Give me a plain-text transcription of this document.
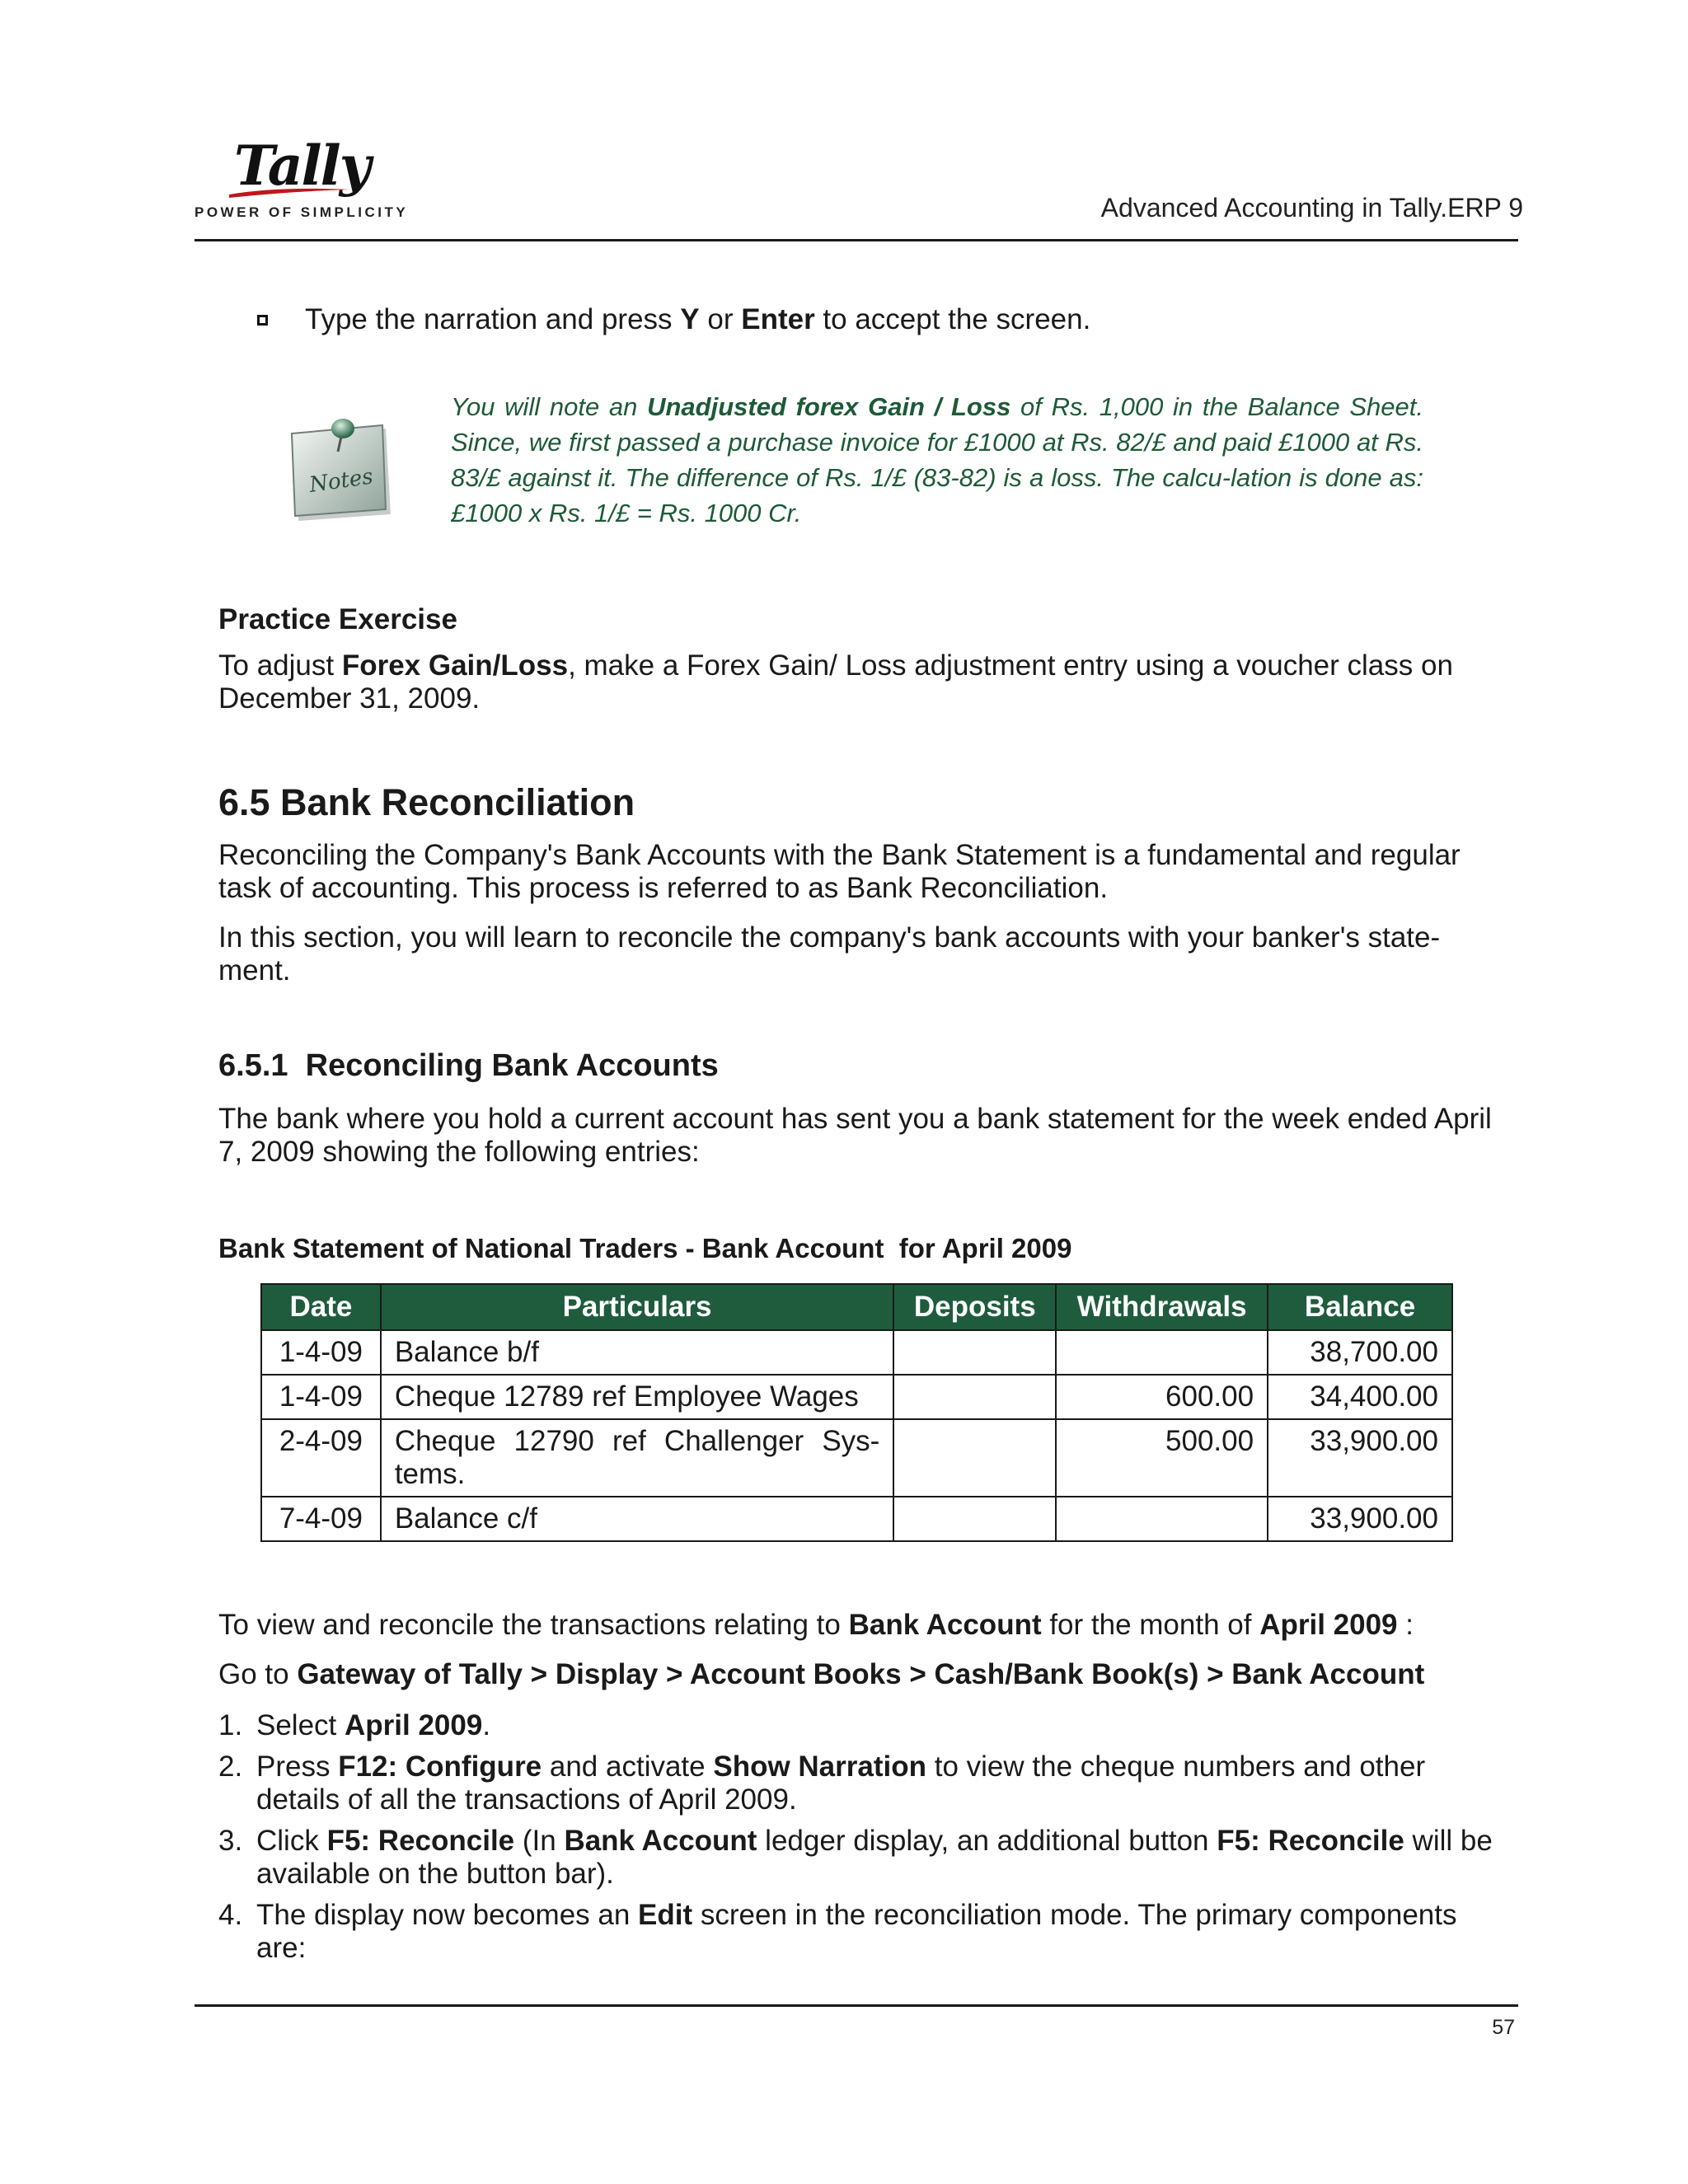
Tally
POWER OF SIMPLICITY	Advanced Accounting in Tally.ERP 9
Type the narration and press Y or Enter to accept the screen.
Notes
You will note an Unadjusted forex Gain / Loss of Rs. 1,000 in the Balance Sheet. Since, we first passed a purchase invoice for £1000 at Rs. 82/£ and paid £1000 at Rs. 83/£ against it. The difference of Rs. 1/£ (83-82) is a loss. The calcu-lation is done as: £1000 x Rs. 1/£ = Rs. 1000 Cr.
Practice Exercise
To adjust Forex Gain/Loss, make a Forex Gain/ Loss adjustment entry using a voucher class on December 31, 2009.
6.5 Bank Reconciliation
Reconciling the Company's Bank Accounts with the Bank Statement is a fundamental and regular task of accounting. This process is referred to as Bank Reconciliation.
In this section, you will learn to reconcile the company's bank accounts with your banker's state-ment.
6.5.1  Reconciling Bank Accounts
The bank where you hold a current account has sent you a bank statement for the week ended April 7, 2009 showing the following entries:
Bank Statement of National Traders - Bank Account  for April 2009
Date	Particulars	Deposits	Withdrawals	Balance
1-4-09	Balance b/f			38,700.00
1-4-09	Cheque 12789 ref Employee Wages		600.00	34,400.00
2-4-09	Cheque 12790 ref Challenger Sys-tems.		500.00	33,900.00
7-4-09	Balance c/f			33,900.00
To view and reconcile the transactions relating to Bank Account for the month of April 2009 :
Go to Gateway of Tally > Display > Account Books > Cash/Bank Book(s) > Bank Account
1. Select April 2009.
2. Press F12: Configure and activate Show Narration to view the cheque numbers and other details of all the transactions of April 2009.
3. Click F5: Reconcile (In Bank Account ledger display, an additional button F5: Reconcile will be available on the button bar).
4. The display now becomes an Edit screen in the reconciliation mode. The primary components are:
57
